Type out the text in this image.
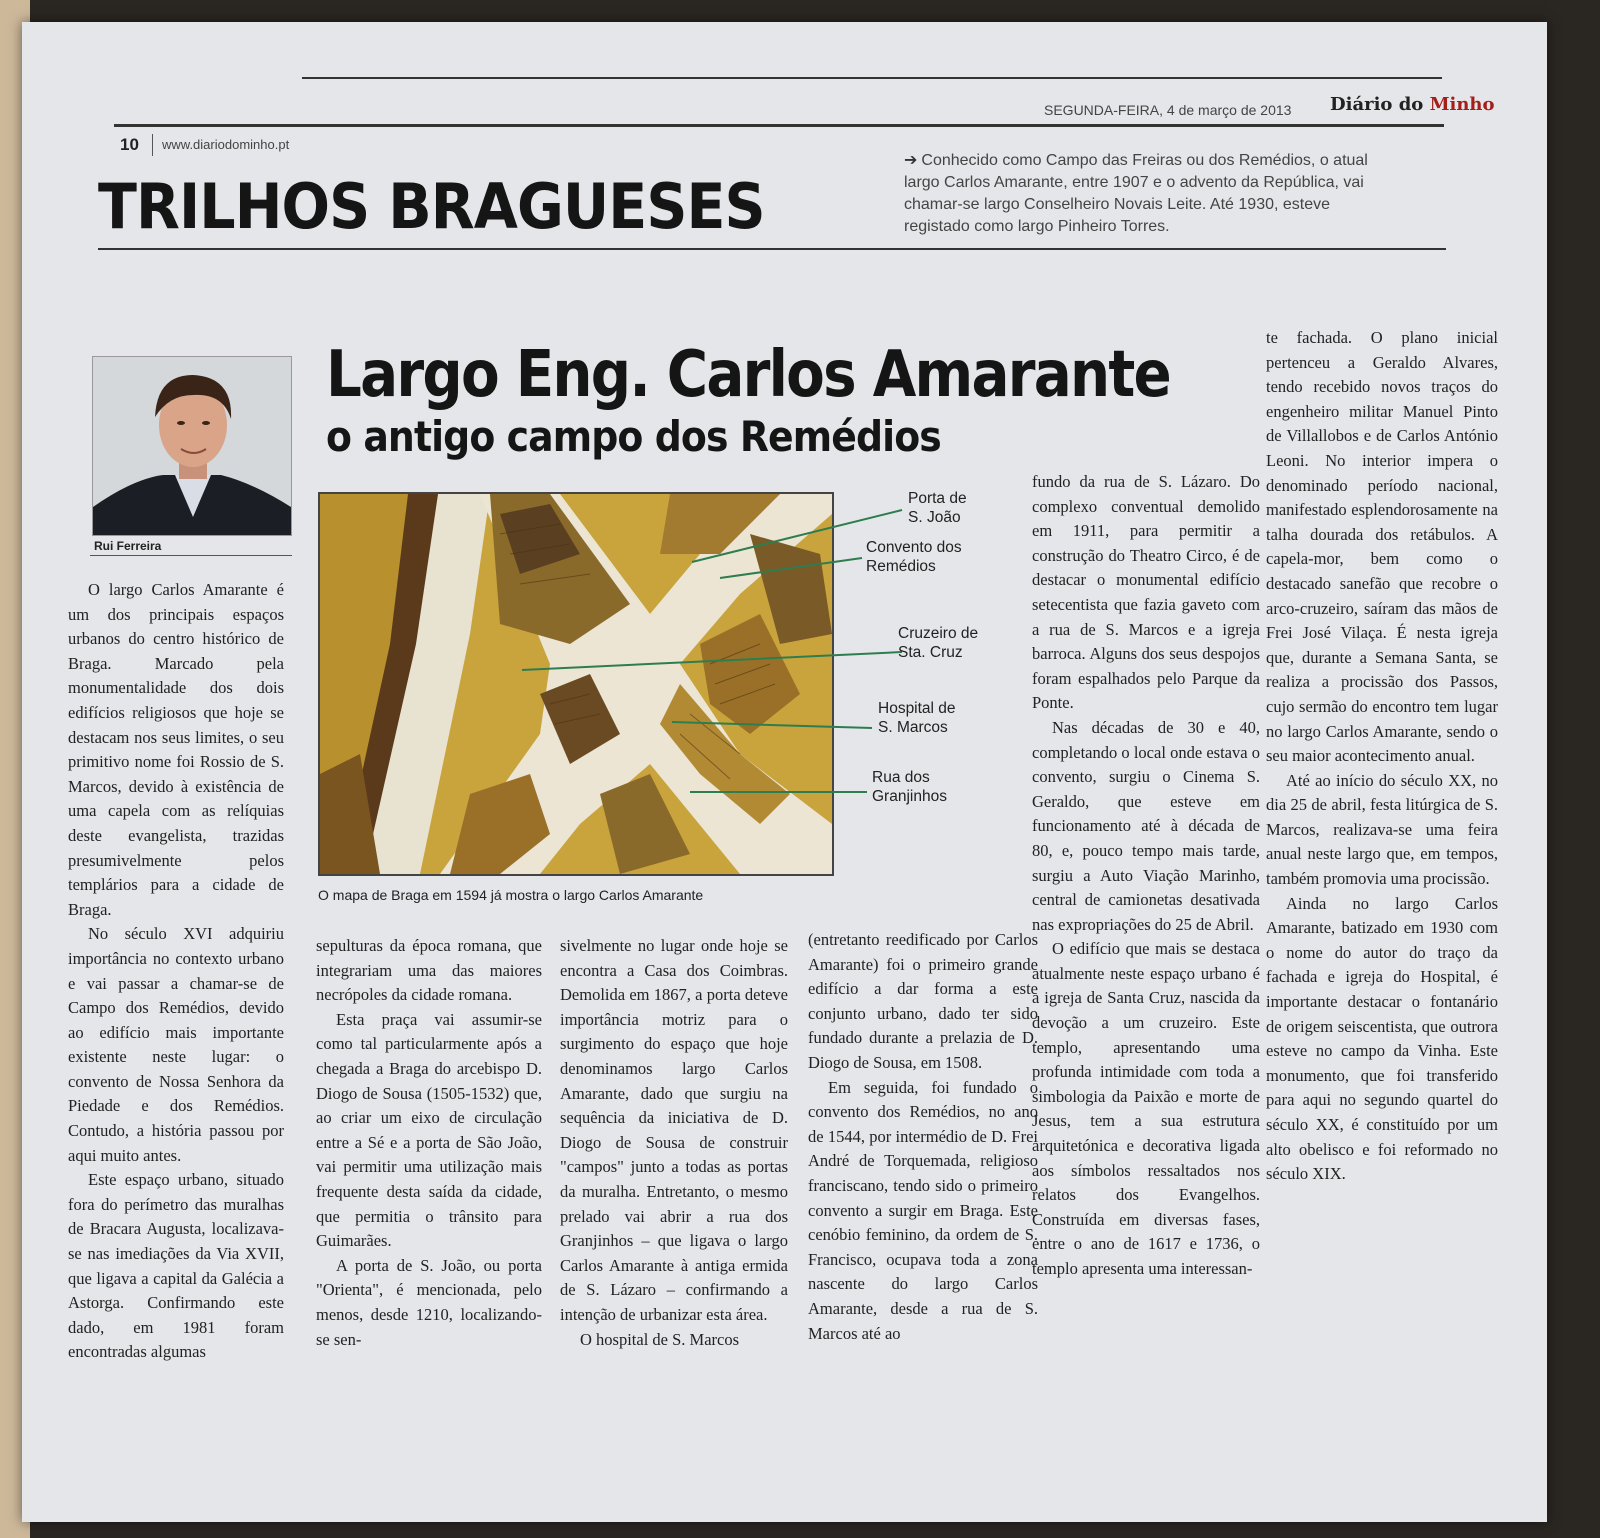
SEGUNDA-FEIRA, 4 de março de 2013 Diário do Minho
10 www.diariodominho.pt
TRILHOS BRAGUESES
➔ Conhecido como Campo das Freiras ou dos Remédios, o atual largo Carlos Amarante, entre 1907 e o advento da República, vai chamar-se largo Conselheiro Novais Leite. Até 1930, esteve registado como largo Pinheiro Torres.
Rui Ferreira
Largo Eng. Carlos Amarante
o antigo campo dos Remédios
Porta de
S. João
Convento dos
Remédios
Cruzeiro de
Sta. Cruz
Hospital de
S. Marcos
Rua dos
Granjinhos
O mapa de Braga em 1594 já mostra o largo Carlos Amarante

O largo Carlos Amarante é um dos principais espaços urbanos do centro histórico de Braga. Marcado pela monumentalidade dos dois edifícios religiosos que hoje se destacam nos seus limites, o seu primitivo nome foi Rossio de S. Marcos, devido à existência de uma capela com as relíquias deste evangelista, trazidas presumivelmente pelos templários para a cidade de Braga.

No século XVI adquiriu importância no contexto urbano e vai passar a chamar-se de Campo dos Remédios, devido ao edifício mais importante existente neste lugar: o convento de Nossa Senhora da Piedade e dos Remédios. Contudo, a história passou por aqui muito antes.

Este espaço urbano, situado fora do perímetro das muralhas de Bracara Augusta, localizava-se nas imediações da Via XVII, que ligava a capital da Galécia a Astorga. Confirmando este dado, em 1981 foram encontradas algumas

sepulturas da época romana, que integrariam uma das maiores necrópoles da cidade romana.

Esta praça vai assumir-se como tal particularmente após a chegada a Braga do arcebispo D. Diogo de Sousa (1505-1532) que, ao criar um eixo de circulação entre a Sé e a porta de São João, vai permitir uma utilização mais frequente desta saída da cidade, que permitia o trânsito para Guimarães.

A porta de S. João, ou porta "Orienta", é mencionada, pelo menos, desde 1210, localizando-se sen-

sivelmente no lugar onde hoje se encontra a Casa dos Coimbras. Demolida em 1867, a porta deteve importância motriz para o surgimento do espaço que hoje denominamos largo Carlos Amarante, dado que surgiu na sequência da iniciativa de D. Diogo de Sousa de construir "campos" junto a todas as portas da muralha. Entretanto, o mesmo prelado vai abrir a rua dos Granjinhos – que ligava o largo Carlos Amarante à antiga ermida de S. Lázaro – confirmando a intenção de urbanizar esta área.

O hospital de S. Marcos

(entretanto reedificado por Carlos Amarante) foi o primeiro grande edifício a dar forma a este conjunto urbano, dado ter sido fundado durante a prelazia de D. Diogo de Sousa, em 1508.

Em seguida, foi fundado o convento dos Remédios, no ano de 1544, por intermédio de D. Frei André de Torquemada, religioso franciscano, tendo sido o primeiro convento a surgir em Braga. Este cenóbio feminino, da ordem de S. Francisco, ocupava toda a zona nascente do largo Carlos Amarante, desde a rua de S. Marcos até ao

fundo da rua de S. Lázaro. Do complexo conventual demolido em 1911, para permitir a construção do Theatro Circo, é de destacar o monumental edifício setecentista que fazia gaveto com a rua de S. Marcos e a igreja barroca. Alguns dos seus despojos foram espalhados pelo Parque da Ponte.

Nas décadas de 30 e 40, completando o local onde estava o convento, surgiu o Cinema S. Geraldo, que esteve em funcionamento até à década de 80, e, pouco tempo mais tarde, surgiu a Auto Viação Marinho, central de camionetas desativada nas expropriações do 25 de Abril.

O edifício que mais se destaca atualmente neste espaço urbano é a igreja de Santa Cruz, nascida da devoção a um cruzeiro. Este templo, apresentando uma profunda intimidade com toda a simbologia da Paixão e morte de Jesus, tem a sua estrutura arquitetónica e decorativa ligada aos símbolos ressaltados nos relatos dos Evangelhos. Construída em diversas fases, entre o ano de 1617 e 1736, o templo apresenta uma interessan-

te fachada. O plano inicial pertenceu a Geraldo Alvares, tendo recebido novos traços do engenheiro militar Manuel Pinto de Villallobos e de Carlos António Leoni. No interior impera o denominado período nacional, manifestado esplendorosamente na talha dourada dos retábulos. A capela-mor, bem como o destacado sanefão que recobre o arco-cruzeiro, saíram das mãos de Frei José Vilaça. É nesta igreja que, durante a Semana Santa, se realiza a procissão dos Passos, cujo sermão do encontro tem lugar no largo Carlos Amarante, sendo o seu maior acontecimento anual.

Até ao início do século XX, no dia 25 de abril, festa litúrgica de S. Marcos, realizava-se uma feira anual neste largo que, em tempos, também promovia uma procissão.

Ainda no largo Carlos Amarante, batizado em 1930 com o nome do autor do traço da fachada e igreja do Hospital, é importante destacar o fontanário de origem seiscentista, que outrora esteve no campo da Vinha. Este monumento, que foi transferido para aqui no segundo quartel do século XX, é constituído por um alto obelisco e foi reformado no século XIX.
